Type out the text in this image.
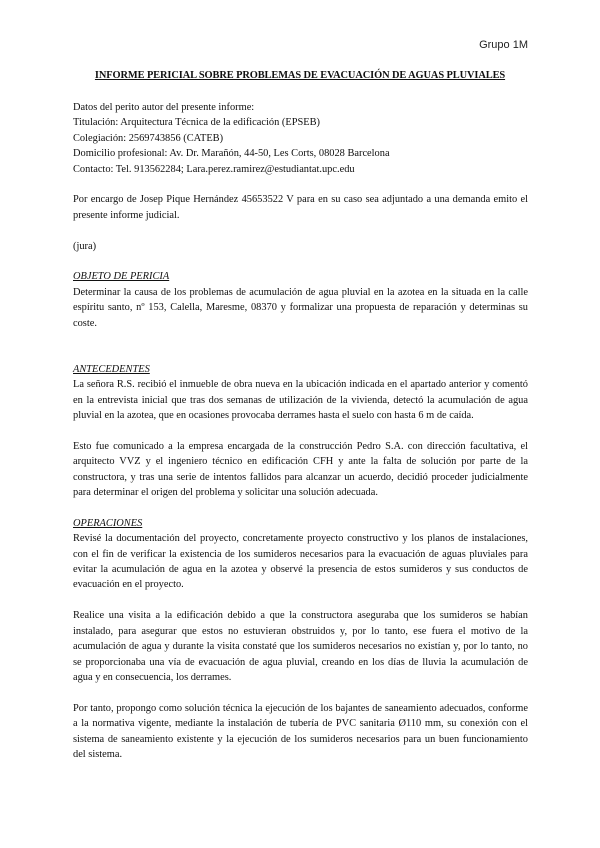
Grupo 1M
INFORME PERICIAL SOBRE PROBLEMAS DE EVACUACIÓN DE AGUAS PLUVIALES

Datos del perito autor del presente informe:

Titulación: Arquitectura Técnica de la edificación (EPSEB)

Colegiación: 2569743856 (CATEB)

Domicilio profesional: Av. Dr. Marañón, 44-50, Les Corts, 08028 Barcelona

Contacto: Tel. 913562284; Lara.perez.ramirez@estudiantat.upc.edu

Por encargo de Josep Pique Hernández 45653522 V para en su caso sea adjuntado a una demanda emito el presente informe judicial.

(jura)

OBJETO DE PERICIA

Determinar la causa de los problemas de acumulación de agua pluvial en la azotea en la situada en la calle espíritu santo, nº 153, Calella, Maresme, 08370 y formalizar una propuesta de reparación y determinas su coste.

ANTECEDENTES

La señora R.S. recibió el inmueble de obra nueva en la ubicación indicada en el apartado anterior y comentó en la entrevista inicial que tras dos semanas de utilización de la vivienda, detectó la acumulación de agua pluvial en la azotea, que en ocasiones provocaba derrames hasta el suelo con hasta 6 m de caída.

Esto fue comunicado a la empresa encargada de la construcción Pedro S.A. con dirección facultativa, el arquitecto VVZ y el ingeniero técnico en edificación CFH y ante la falta de solución por parte de la constructora, y tras una serie de intentos fallidos para alcanzar un acuerdo, decidió proceder judicialmente para determinar el origen del problema y solicitar una solución adecuada.

OPERACIONES

Revisé la documentación del proyecto, concretamente proyecto constructivo y los planos de instalaciones, con el fin de verificar la existencia de los sumideros necesarios para la evacuación de aguas pluviales para evitar la acumulación de agua en la azotea y observé la presencia de estos sumideros y sus conductos de evacuación en el proyecto.

Realice una visita a la edificación debido a que la constructora aseguraba que los sumideros se habían instalado, para asegurar que estos no estuvieran obstruidos y, por lo tanto, ese fuera el motivo de la acumulación de agua y durante la visita constaté que los sumideros necesarios no existían y, por lo tanto, no se proporcionaba una vía de evacuación de agua pluvial, creando en los días de lluvia la acumulación de agua y en consecuencia, los derrames.

Por tanto, propongo como solución técnica la ejecución de los bajantes de saneamiento adecuados, conforme a la normativa vigente, mediante la instalación de tubería de PVC sanitaria Ø110 mm, su conexión con el sistema de saneamiento existente y la ejecución de los sumideros necesarios para un buen funcionamiento del sistema.
